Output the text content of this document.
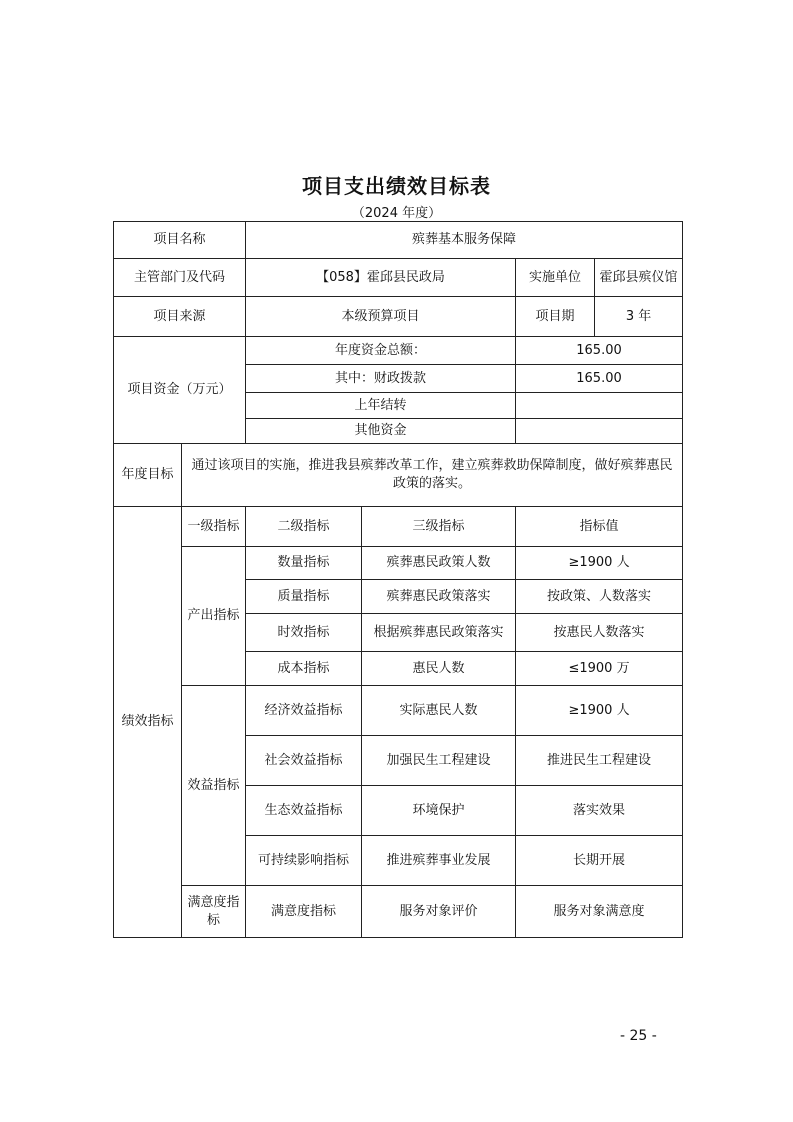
项目支出绩效目标表
（2024 年度）
项目名称		殡葬基本服务保障			
主管部门及代码		【058】霍邱县民政局		实施单位	霍邱县殡仪馆
项目来源		本级预算项目		项目期	3 年
项目资金（万元）		年度资金总额：		165.00	
		其中：财政拨款		165.00	
		上年结转			
		其他资金			
年度目标	通过该项目的实施，推进我县殡葬改革工作，建立殡葬救助保障制度，做好殡葬惠民政策的落实。				
绩效指标	一级指标	二级指标	三级指标	指标值	
	产出指标	数量指标	殡葬惠民政策人数	≥1900 人	
		质量指标	殡葬惠民政策落实	按政策、人数落实	
		时效指标	根据殡葬惠民政策落实	按惠民人数落实	
		成本指标	惠民人数	≤1900 万	
	效益指标	经济效益指标	实际惠民人数	≥1900 人	
		社会效益指标	加强民生工程建设	推进民生工程建设	
		生态效益指标	环境保护	落实效果	
		可持续影响指标	推进殡葬事业发展	长期开展	
	满意度指标	满意度指标	服务对象评价	服务对象满意度	
- 25 -
